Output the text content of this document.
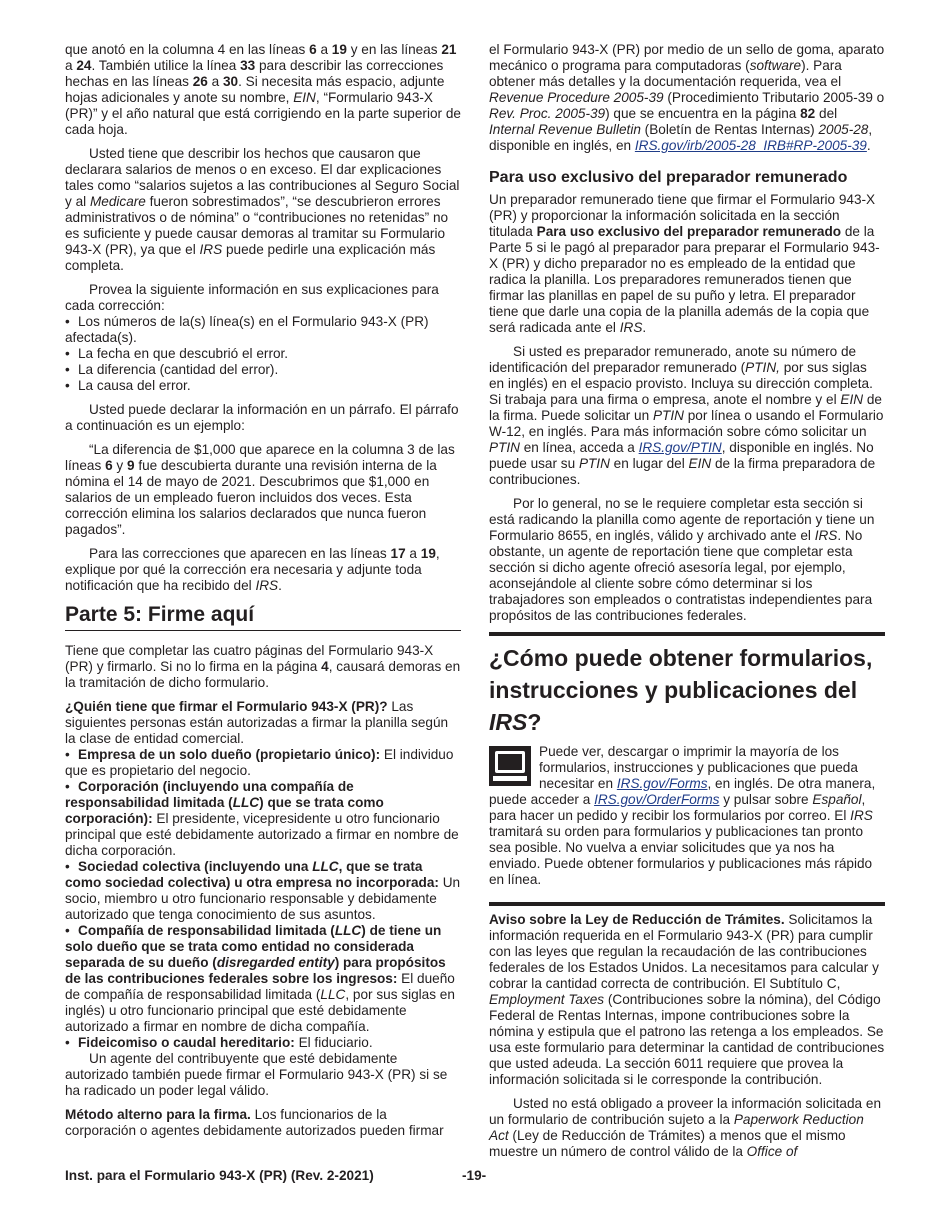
que anotó en la columna 4 en las líneas 6 a 19 y en las líneas 21 a 24. También utilice la línea 33 para describir las correcciones hechas en las líneas 26 a 30. Si necesita más espacio, adjunte hojas adicionales y anote su nombre, EIN, “Formulario 943-X (PR)” y el año natural que está corrigiendo en la parte superior de cada hoja.

Usted tiene que describir los hechos que causaron que declarara salarios de menos o en exceso. El dar explicaciones tales como “salarios sujetos a las contribuciones al Seguro Social y al Medicare fueron sobrestimados”, “se descubrieron errores administrativos o de nómina” o “contribuciones no retenidas” no es suficiente y puede causar demoras al tramitar su Formulario 943-X (PR), ya que el IRS puede pedirle una explicación más completa.

Provea la siguiente información en sus explicaciones para cada corrección:

• Los números de la(s) línea(s) en el Formulario 943-X (PR) afectada(s).
• La fecha en que descubrió el error.
• La diferencia (cantidad del error).
• La causa del error.

Usted puede declarar la información en un párrafo. El párrafo a continuación es un ejemplo:

“La diferencia de $1,000 que aparece en la columna 3 de las líneas 6 y 9 fue descubierta durante una revisión interna de la nómina el 14 de mayo de 2021. Descubrimos que $1,000 en salarios de un empleado fueron incluidos dos veces. Esta corrección elimina los salarios declarados que nunca fueron pagados”.

Para las correcciones que aparecen en las líneas 17 a 19, explique por qué la corrección era necesaria y adjunte toda notificación que ha recibido del IRS.

Parte 5: Firme aquí

Tiene que completar las cuatro páginas del Formulario 943-X (PR) y firmarlo. Si no lo firma en la página 4, causará demoras en la tramitación de dicho formulario.

¿Quién tiene que firmar el Formulario 943-X (PR)? Las siguientes personas están autorizadas a firmar la planilla según la clase de entidad comercial.

• Empresa de un solo dueño (propietario único): El individuo que es propietario del negocio.
• Corporación (incluyendo una compañía de responsabilidad limitada (LLC) que se trata como corporación): El presidente, vicepresidente u otro funcionario principal que esté debidamente autorizado a firmar en nombre de dicha corporación.
• Sociedad colectiva (incluyendo una LLC, que se trata como sociedad colectiva) u otra empresa no incorporada: Un socio, miembro u otro funcionario responsable y debidamente autorizado que tenga conocimiento de sus asuntos.
• Compañía de responsabilidad limitada (LLC) de tiene un solo dueño que se trata como entidad no considerada separada de su dueño (disregarded entity) para propósitos de las contribuciones federales sobre los ingresos: El dueño de compañía de responsabilidad limitada (LLC, por sus siglas en inglés) u otro funcionario principal que esté debidamente autorizado a firmar en nombre de dicha compañía.
• Fideicomiso o caudal hereditario: El fiduciario.

Un agente del contribuyente que esté debidamente autorizado también puede firmar el Formulario 943-X (PR) si se ha radicado un poder legal válido.

Método alterno para la firma. Los funcionarios de la corporación o agentes debidamente autorizados pueden firmar

el Formulario 943-X (PR) por medio de un sello de goma, aparato mecánico o programa para computadoras (software). Para obtener más detalles y la documentación requerida, vea el Revenue Procedure 2005-39 (Procedimiento Tributario 2005-39 o Rev. Proc. 2005-39) que se encuentra en la página 82 del Internal Revenue Bulletin (Boletín de Rentas Internas) 2005-28, disponible en inglés, en IRS.gov/irb/2005-28_IRB#RP-2005-39.

Para uso exclusivo del preparador remunerado

Un preparador remunerado tiene que firmar el Formulario 943-X (PR) y proporcionar la información solicitada en la sección titulada Para uso exclusivo del preparador remunerado de la Parte 5 si le pagó al preparador para preparar el Formulario 943-X (PR) y dicho preparador no es empleado de la entidad que radica la planilla. Los preparadores remunerados tienen que firmar las planillas en papel de su puño y letra. El preparador tiene que darle una copia de la planilla además de la copia que será radicada ante el IRS.

Si usted es preparador remunerado, anote su número de identificación del preparador remunerado (PTIN, por sus siglas en inglés) en el espacio provisto. Incluya su dirección completa. Si trabaja para una firma o empresa, anote el nombre y el EIN de la firma. Puede solicitar un PTIN por línea o usando el Formulario W-12, en inglés. Para más información sobre cómo solicitar un PTIN en línea, acceda a IRS.gov/PTIN, disponible en inglés. No puede usar su PTIN en lugar del EIN de la firma preparadora de contribuciones.

Por lo general, no se le requiere completar esta sección si está radicando la planilla como agente de reportación y tiene un Formulario 8655, en inglés, válido y archivado ante el IRS. No obstante, un agente de reportación tiene que completar esta sección si dicho agente ofreció asesoría legal, por ejemplo, aconsejándole al cliente sobre cómo determinar si los trabajadores son empleados o contratistas independientes para propósitos de las contribuciones federales.

¿Cómo puede obtener formularios, instrucciones y publicaciones del IRS?

Puede ver, descargar o imprimir la mayoría de los formularios, instrucciones y publicaciones que pueda necesitar en IRS.gov/Forms, en inglés. De otra manera, puede acceder a IRS.gov/OrderForms y pulsar sobre Español, para hacer un pedido y recibir los formularios por correo. El IRS tramitará su orden para formularios y publicaciones tan pronto sea posible. No vuelva a enviar solicitudes que ya nos ha enviado. Puede obtener formularios y publicaciones más rápido en línea.

Aviso sobre la Ley de Reducción de Trámites. Solicitamos la información requerida en el Formulario 943-X (PR) para cumplir con las leyes que regulan la recaudación de las contribuciones federales de los Estados Unidos. La necesitamos para calcular y cobrar la cantidad correcta de contribución. El Subtítulo C, Employment Taxes (Contribuciones sobre la nómina), del Código Federal de Rentas Internas, impone contribuciones sobre la nómina y estipula que el patrono las retenga a los empleados. Se usa este formulario para determinar la cantidad de contribuciones que usted adeuda. La sección 6011 requiere que provea la información solicitada si le corresponde la contribución.

Usted no está obligado a proveer la información solicitada en un formulario de contribución sujeto a la Paperwork Reduction Act (Ley de Reducción de Trámites) a menos que el mismo muestre un número de control válido de la Office of

Inst. para el Formulario 943-X (PR) (Rev. 2-2021)	-19-
